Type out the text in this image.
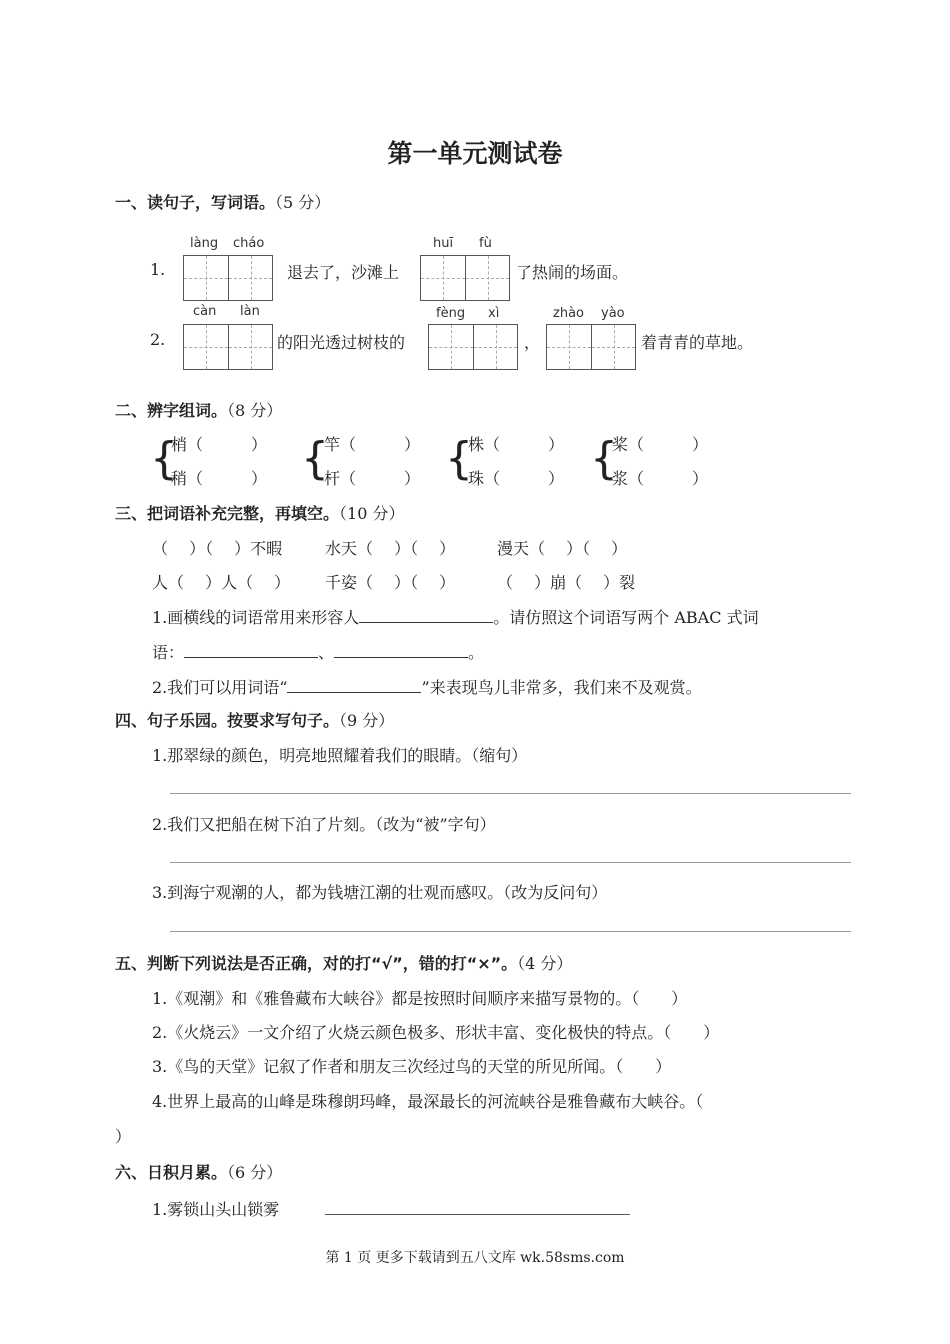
第一单元测试卷
一、读句子，写词语。（5 分）
1.
làng cháo
退去了，沙滩上
huī fù
了热闹的场面。
2.
càn làn
的阳光透过树枝的
fèng xì
，
zhào yào
着青青的草地。
二、辨字组词。（8 分）
{
梢（　　　）
稍（　　　） {
竿（　　　）
杆（　　　） {
株（　　　）
珠（　　　） {
桨（　　　）
浆（　　　）
三、把词语补充完整，再填空。（10 分）
（　 ）（　 ）不暇	水天（　 ）（　 ）	漫天（　 ）（　 ）
人（　 ）人（　 ） 千姿（　 ）（　 ）	（　 ）崩（　 ）裂
1.画横线的词语常用来形容人	。请仿照这个词语写两个 ABAC 式词
语：	、	。
2.我们可以用词语“	”来表现鸟儿非常多，我们来不及观赏。
四、句子乐园。按要求写句子。（9 分）
1.那翠绿的颜色，明亮地照耀着我们的眼睛。（缩句）
2.我们又把船在树下泊了片刻。（改为“被”字句）
3.到海宁观潮的人，都为钱塘江潮的壮观而感叹。（改为反问句）
五、判断下列说法是否正确，对的打“√”，错的打“×”。（4 分）
1.《观潮》和《雅鲁藏布大峡谷》都是按照时间顺序来描写景物的。（　　）
2.《火烧云》一文介绍了火烧云颜色极多、形状丰富、变化极快的特点。（　　）
3.《鸟的天堂》记叙了作者和朋友三次经过鸟的天堂的所见所闻。（　　）
4.世界上最高的山峰是珠穆朗玛峰，最深最长的河流峡谷是雅鲁藏布大峡谷。（
）
六、日积月累。（6 分）
1.雾锁山头山锁雾
第 1 页 更多下载请到五八文库 wk.58sms.com
